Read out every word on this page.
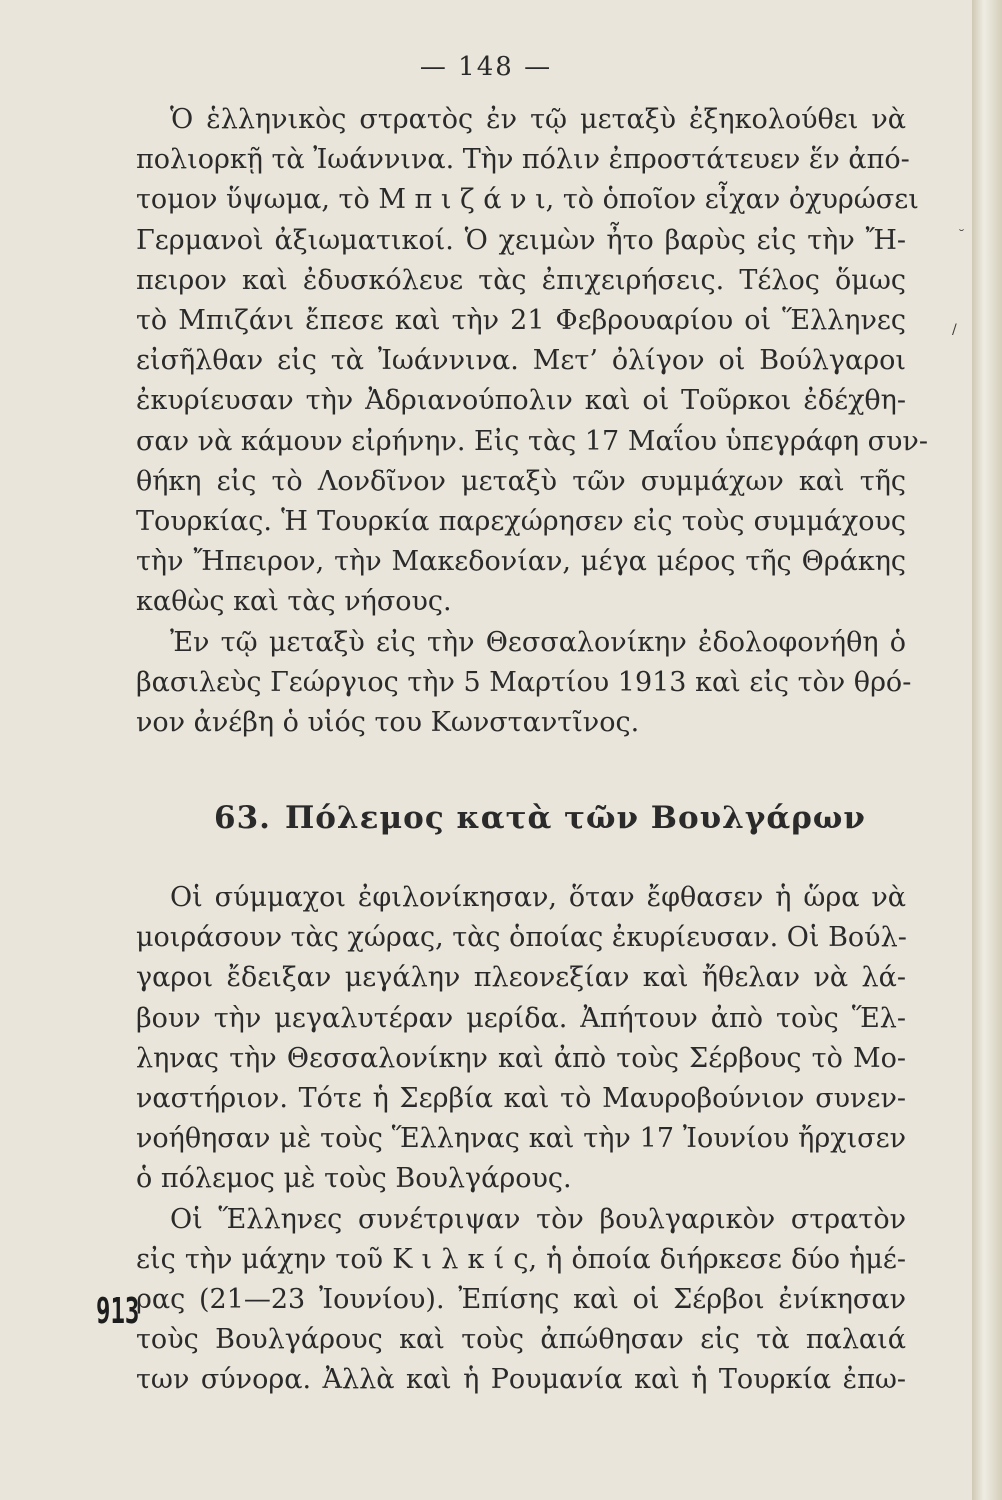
— 148 —
Ὁ ἑλληνικὸς στρατὸς ἐν τῷ μεταξὺ ἐξηκολούθει νὰ
πολιορκῇ τὰ Ἰωάννινα. Τὴν πόλιν ἐπροστάτευεν ἕν ἀπό-
τομον ὕψωμα, τὸ Μ π ι ζ ά ν ι, τὸ ὁποῖον εἶχαν ὀχυρώσει
Γερμανοὶ ἀξιωματικοί. Ὁ χειμὼν ἦτο βαρὺς εἰς τὴν Ἤ-
πειρον καὶ ἐδυσκόλευε τὰς ἐπιχειρήσεις. Τέλος ὅμως
τὸ Μπιζάνι ἔπεσε καὶ τὴν 21 Φεβρουαρίου οἱ Ἕλληνες
εἰσῆλθαν εἰς τὰ Ἰωάννινα. Μετ’ ὀλίγον οἱ Βούλγαροι
ἐκυρίευσαν τὴν Ἀδριανούπολιν καὶ οἱ Τοῦρκοι ἐδέχθη-
σαν νὰ κάμουν εἰρήνην. Εἰς τὰς 17 Μαΐου ὑπεγράφη συν-
θήκη εἰς τὸ Λονδῖνον μεταξὺ τῶν συμμάχων καὶ τῆς
Τουρκίας. Ἡ Τουρκία παρεχώρησεν εἰς τοὺς συμμάχους
τὴν Ἤπειρον, τὴν Μακεδονίαν, μέγα μέρος τῆς Θράκης
καθὼς καὶ τὰς νήσους.
Ἐν τῷ μεταξὺ εἰς τὴν Θεσσαλονίκην ἐδολοφονήθη ὁ
βασιλεὺς Γεώργιος τὴν 5 Μαρτίου 1913 καὶ εἰς τὸν θρό-
νον ἀνέβη ὁ υἱός του Κωνσταντῖνος.
63. Πόλεμος κατὰ τῶν Βουλγάρων
Οἱ σύμμαχοι ἐφιλονίκησαν, ὅταν ἔφθασεν ἡ ὥρα νὰ
μοιράσουν τὰς χώρας, τὰς ὁποίας ἐκυρίευσαν. Οἱ Βούλ-
γαροι ἔδειξαν μεγάλην πλεονεξίαν καὶ ἤθελαν νὰ λά-
βουν τὴν μεγαλυτέραν μερίδα. Ἀπήτουν ἀπὸ τοὺς Ἕλ-
ληνας τὴν Θεσσαλονίκην καὶ ἀπὸ τοὺς Σέρβους τὸ Μο-
ναστήριον. Τότε ἡ Σερβία καὶ τὸ Μαυροβούνιον συνεν-
νοήθησαν μὲ τοὺς Ἕλληνας καὶ τὴν 17 Ἰουνίου ἤρχισεν
ὁ πόλεμος μὲ τοὺς Βουλγάρους.
Οἱ Ἕλληνες συνέτριψαν τὸν βουλγαρικὸν στρατὸν
εἰς τὴν μάχην τοῦ Κ ι λ κ ί ς, ἡ ὁποία διήρκεσε δύο ἡμέ-
ρας (21—23 Ἰουνίου). Ἐπίσης καὶ οἱ Σέρβοι ἐνίκησαν
τοὺς Βουλγάρους καὶ τοὺς ἀπώθησαν εἰς τὰ παλαιά
των σύνορα. Ἀλλὰ καὶ ἡ Ρουμανία καὶ ἡ Τουρκία ἐπω-
913
˘
/
